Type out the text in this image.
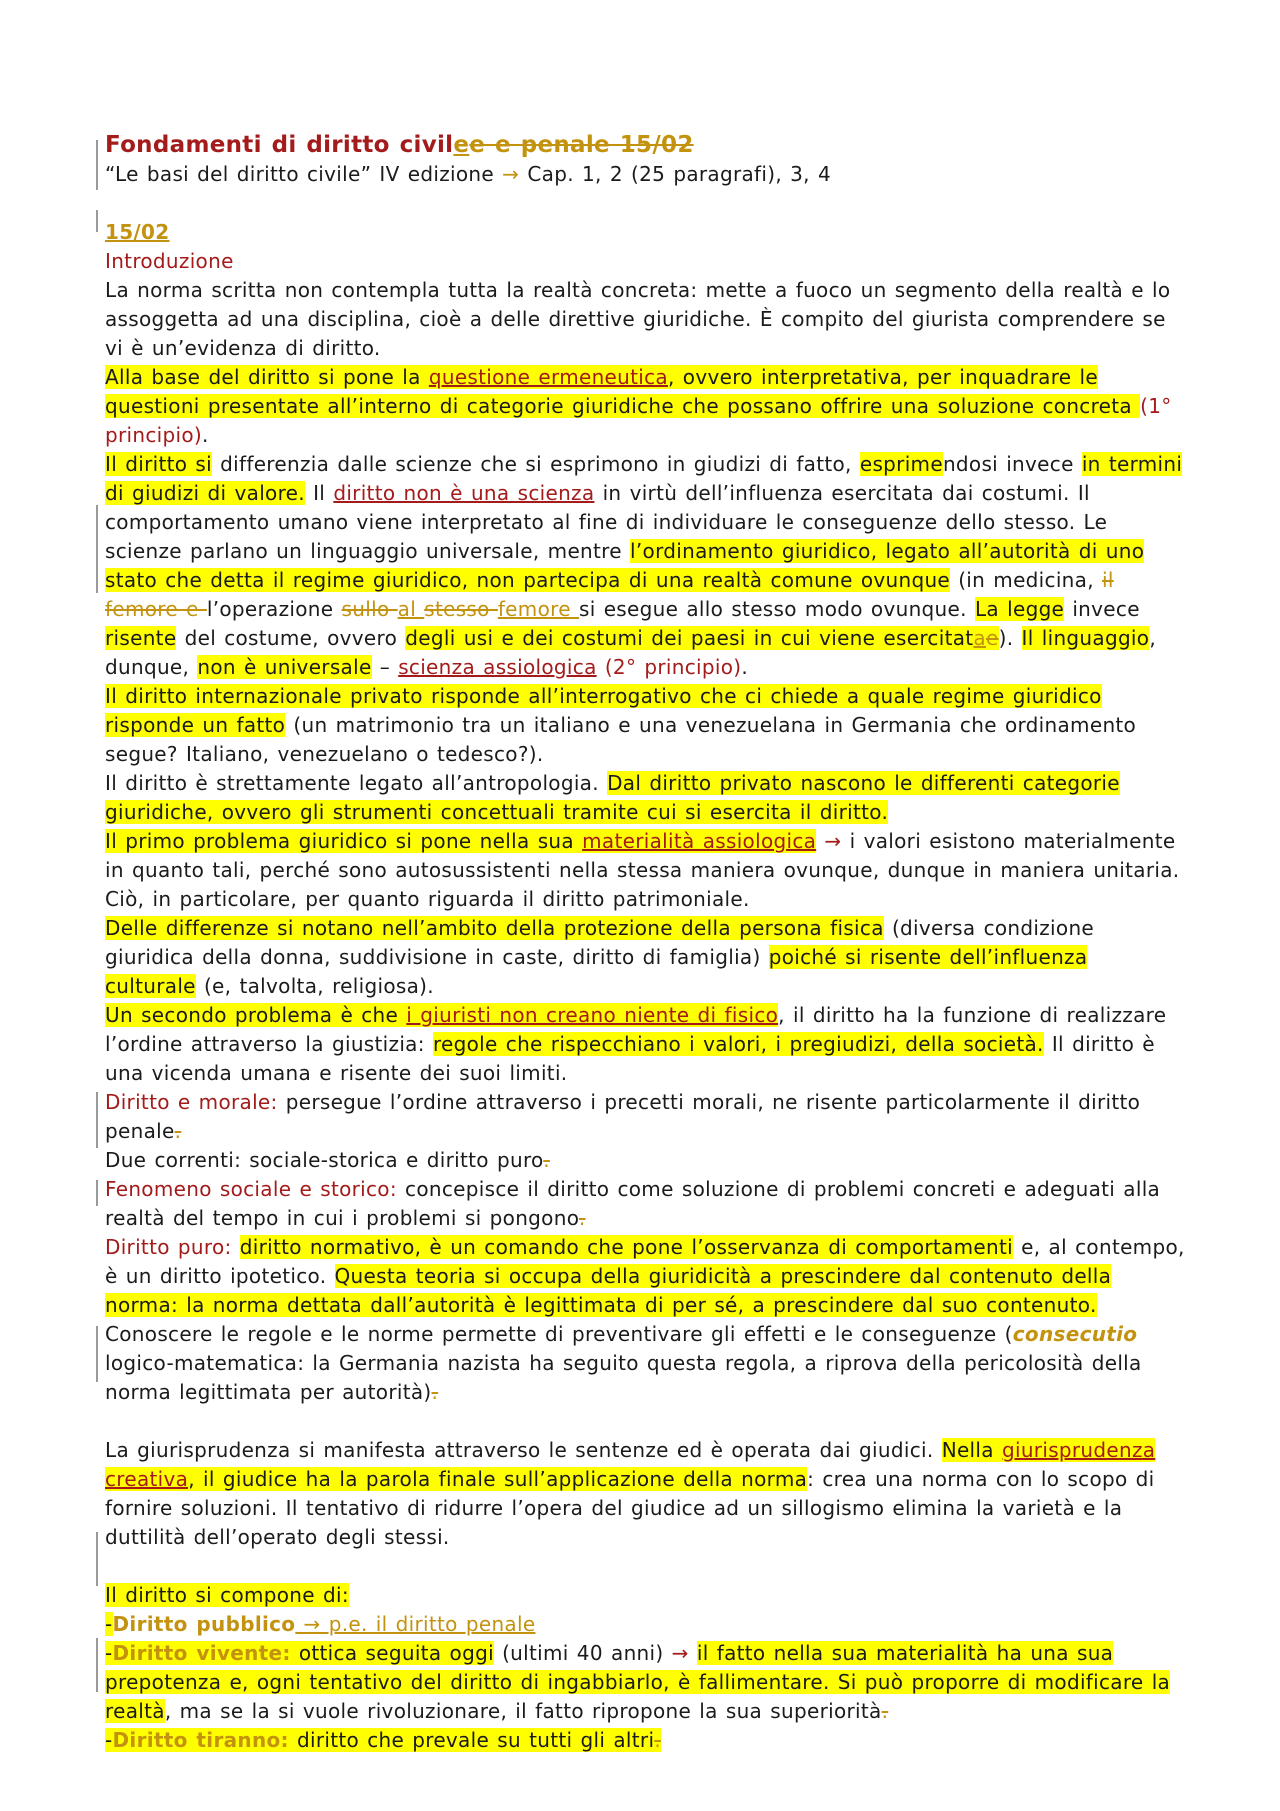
Fondamenti di diritto civilee e penale 15/02

“Le basi del diritto civile” IV edizione → Cap. 1, 2 (25 paragrafi), 3, 4

15/02

Introduzione

La norma scritta non contempla tutta la realtà concreta: mette a fuoco un segmento della realtà e lo assoggetta ad una disciplina, cioè a delle direttive giuridiche. È compito del giurista comprendere se vi è un’evidenza di diritto.

Alla base del diritto si pone la questione ermeneutica, ovvero interpretativa, per inquadrare le questioni presentate all’interno di categorie giuridiche che possano offrire una soluzione concreta (1° principio).

Il diritto si differenzia dalle scienze che si esprimono in giudizi di fatto, esprimendosi invece in termini di giudizi di valore. Il diritto non è una scienza in virtù dell’influenza esercitata dai costumi. Il comportamento umano viene interpretato al fine di individuare le conseguenze dello stesso. Le scienze parlano un linguaggio universale, mentre l’ordinamento giuridico, legato all’autorità di uno stato che detta il regime giuridico, non partecipa di una realtà comune ovunque (in medicina, il femore e l’operazione sullo al stesso femore si esegue allo stesso modo ovunque. La legge invece risente del costume, ovvero degli usi e dei costumi dei paesi in cui viene esercitatae). Il linguaggio, dunque, non è universale – scienza assiologica (2° principio).

Il diritto internazionale privato risponde all’interrogativo che ci chiede a quale regime giuridico risponde un fatto (un matrimonio tra un italiano e una venezuelana in Germania che ordinamento segue? Italiano, venezuelano o tedesco?).

Il diritto è strettamente legato all’antropologia. Dal diritto privato nascono le differenti categorie giuridiche, ovvero gli strumenti concettuali tramite cui si esercita il diritto.

Il primo problema giuridico si pone nella sua materialità assiologica → i valori esistono materialmente in quanto tali, perché sono autosussistenti nella stessa maniera ovunque, dunque in maniera unitaria. Ciò, in particolare, per quanto riguarda il diritto patrimoniale.

Delle differenze si notano nell’ambito della protezione della persona fisica (diversa condizione giuridica della donna, suddivisione in caste, diritto di famiglia) poiché si risente dell’influenza culturale (e, talvolta, religiosa).

Un secondo problema è che i giuristi non creano niente di fisico, il diritto ha la funzione di realizzare l’ordine attraverso la giustizia: regole che rispecchiano i valori, i pregiudizi, della società. Il diritto è una vicenda umana e risente dei suoi limiti.

Diritto e morale: persegue l’ordine attraverso i precetti morali, ne risente particolarmente il diritto penale.

Due correnti: sociale-storica e diritto puro.

Fenomeno sociale e storico: concepisce il diritto come soluzione di problemi concreti e adeguati alla realtà del tempo in cui i problemi si pongono.

Diritto puro: diritto normativo, è un comando che pone l’osservanza di comportamenti e, al contempo, è un diritto ipotetico. Questa teoria si occupa della giuridicità a prescindere dal contenuto della norma: la norma dettata dall’autorità è legittimata di per sé, a prescindere dal suo contenuto. Conoscere le regole e le norme permette di preventivare gli effetti e le conseguenze (consecutio logico-matematica: la Germania nazista ha seguito questa regola, a riprova della pericolosità della norma legittimata per autorità).

La giurisprudenza si manifesta attraverso le sentenze ed è operata dai giudici. Nella giurisprudenza creativa, il giudice ha la parola finale sull’applicazione della norma: crea una norma con lo scopo di fornire soluzioni. Il tentativo di ridurre l’opera del giudice ad un sillogismo elimina la varietà e la duttilità dell’operato degli stessi.

Il diritto si compone di:

-Diritto pubblico → p.e. il diritto penale

-Diritto vivente: ottica seguita oggi (ultimi 40 anni) → il fatto nella sua materialità ha una sua prepotenza e, ogni tentativo del diritto di ingabbiarlo, è fallimentare. Si può proporre di modificare la realtà, ma se la si vuole rivoluzionare, il fatto ripropone la sua superiorità.

-Diritto tiranno: diritto che prevale su tutti gli altri.
